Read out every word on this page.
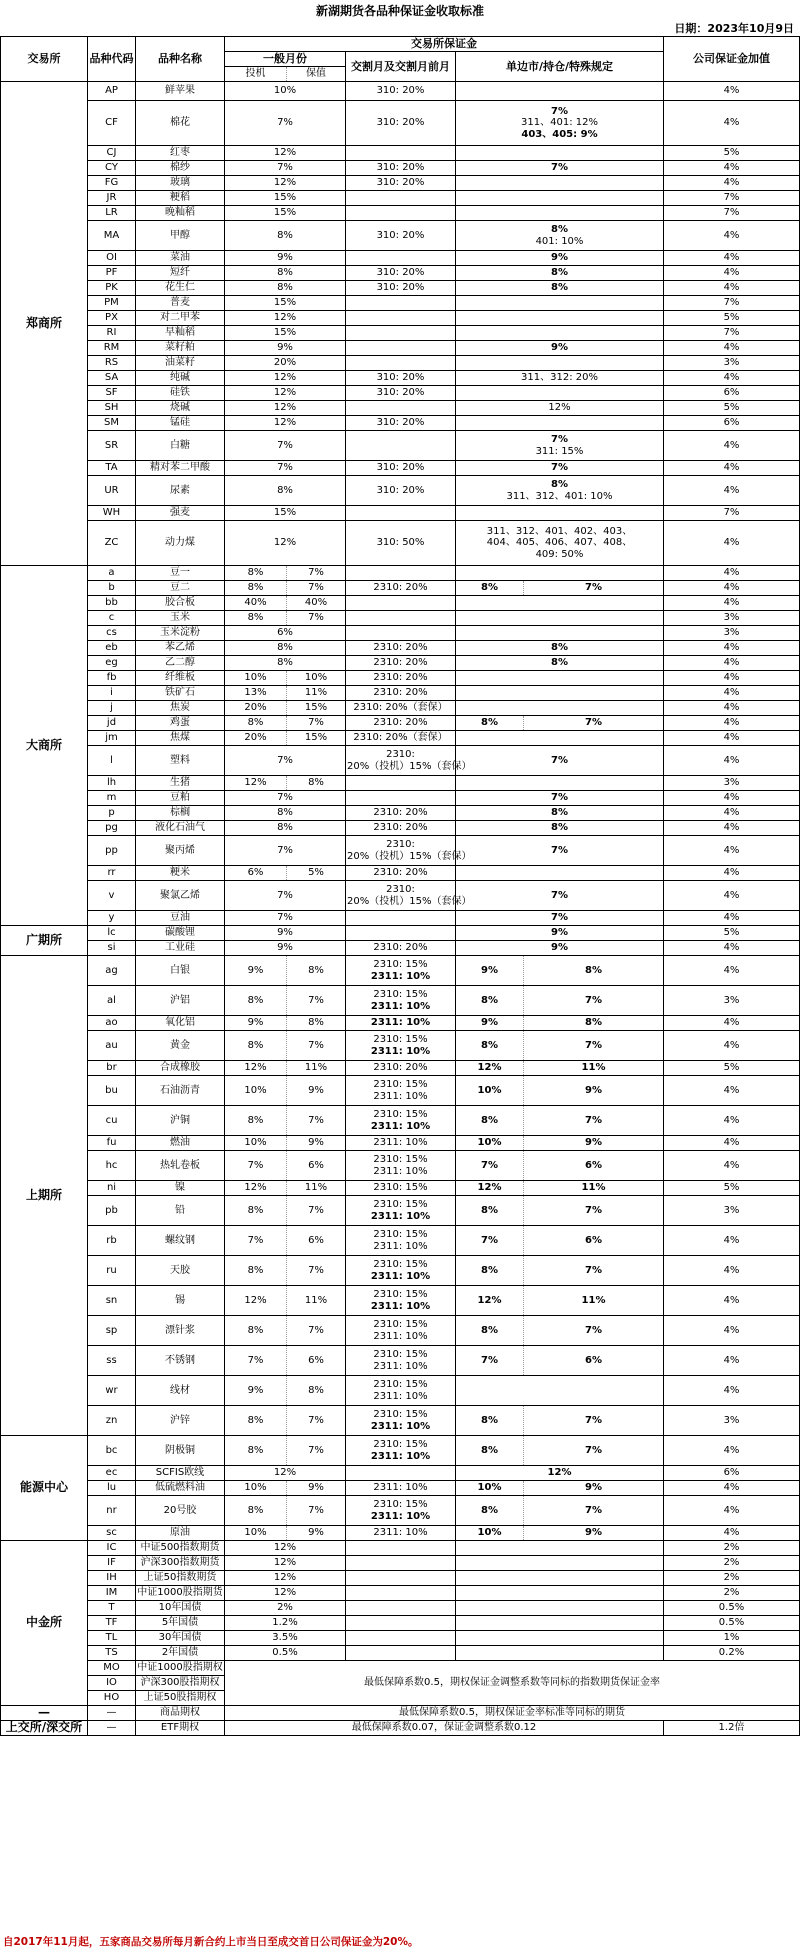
新湖期货各品种保证金收取标准
日期：2023年10月9日
交易所	品种代码	品种名称	交易所保证金					公司保证金加值	
			一般月份		交割月及交割月前月	单边市/持仓/特殊规定			
			投机	保值					
郑商所	AP	鲜苹果	10%		310: 20%			4%	
	CF	棉花	7%		310: 20%	7%
311、401: 12%
403、405: 9%		4%	
	CJ	红枣	12%					5%	
	CY	棉纱	7%		310: 20%	7%		4%	
	FG	玻璃	12%		310: 20%			4%	
	JR	粳稻	15%					7%	
	LR	晚籼稻	15%					7%	
	MA	甲醇	8%		310: 20%	8%
401: 10%		4%	
	OI	菜油	9%			9%		4%	
	PF	短纤	8%		310: 20%	8%		4%	
	PK	花生仁	8%		310: 20%	8%		4%	
	PM	普麦	15%					7%	
	PX	对二甲苯	12%					5%	
	RI	早籼稻	15%					7%	
	RM	菜籽粕	9%			9%		4%	
	RS	油菜籽	20%					3%	
	SA	纯碱	12%		310: 20%	311、312: 20%		4%	
	SF	硅铁	12%		310: 20%			6%	
	SH	烧碱	12%			12%		5%	
	SM	锰硅	12%		310: 20%			6%	
	SR	白糖	7%			7%
311: 15%		4%	
	TA	精对苯二甲酸	7%		310: 20%	7%		4%	
	UR	尿素	8%		310: 20%	8%
311、312、401: 10%		4%	
	WH	强麦	15%					7%	
	ZC	动力煤	12%		310: 50%	311、312、401、402、403、
404、405、406、407、408、
409: 50%		4%	
大商所	a	豆一	8%	7%				4%	
	b	豆二	8%	7%	2310: 20%	8%	7%	4%	
	bb	胶合板	40%	40%				4%	
	c	玉米	8%	7%				3%	
	cs	玉米淀粉	6%					3%	
	eb	苯乙烯	8%		2310: 20%	8%		4%	
	eg	乙二醇	8%		2310: 20%	8%		4%	
	fb	纤维板	10%	10%	2310: 20%			4%	
	i	铁矿石	13%	11%	2310: 20%			4%	
	j	焦炭	20%	15%	2310: 20%（套保）			4%	
	jd	鸡蛋	8%	7%	2310: 20%	8%	7%	4%	
	jm	焦煤	20%	15%	2310: 20%（套保）			4%	
	l	塑料	7%		2310:
20%（投机）15%（套保）	7%		4%	
	lh	生猪	12%	8%				3%	
	m	豆粕	7%			7%		4%	
	p	棕榈	8%		2310: 20%	8%		4%	
	pg	液化石油气	8%		2310: 20%	8%		4%	
	pp	聚丙烯	7%		2310:
20%（投机）15%（套保）	7%		4%	
	rr	粳米	6%	5%	2310: 20%			4%	
	v	聚氯乙烯	7%		2310:
20%（投机）15%（套保）	7%		4%	
	y	豆油	7%			7%		4%	
广期所	lc	碳酸锂	9%			9%		5%	
	si	工业硅	9%		2310: 20%	9%		4%	
上期所	ag	白银	9%	8%	2310: 15%
2311: 10%	9%	8%	4%	
	al	沪铝	8%	7%	2310: 15%
2311: 10%	8%	7%	3%	
	ao	氧化铝	9%	8%	2311: 10%	9%	8%	4%	
	au	黄金	8%	7%	2310: 15%
2311: 10%	8%	7%	4%	
	br	合成橡胶	12%	11%	2310: 20%	12%	11%	5%	
	bu	石油沥青	10%	9%	2310: 15%
2311: 10%	10%	9%	4%	
	cu	沪铜	8%	7%	2310: 15%
2311: 10%	8%	7%	4%	
	fu	燃油	10%	9%	2311: 10%	10%	9%	4%	
	hc	热轧卷板	7%	6%	2310: 15%
2311: 10%	7%	6%	4%	
	ni	镍	12%	11%	2310: 15%	12%	11%	5%	
	pb	铅	8%	7%	2310: 15%
2311: 10%	8%	7%	3%	
	rb	螺纹钢	7%	6%	2310: 15%
2311: 10%	7%	6%	4%	
	ru	天胶	8%	7%	2310: 15%
2311: 10%	8%	7%	4%	
	sn	锡	12%	11%	2310: 15%
2311: 10%	12%	11%	4%	
	sp	漂针浆	8%	7%	2310: 15%
2311: 10%	8%	7%	4%	
	ss	不锈钢	7%	6%	2310: 15%
2311: 10%	7%	6%	4%	
	wr	线材	9%	8%	2310: 15%
2311: 10%			4%	
	zn	沪锌	8%	7%	2310: 15%
2311: 10%	8%	7%	3%	
能源中心	bc	阴极铜	8%	7%	2310: 15%
2311: 10%	8%	7%	4%	
	ec	SCFIS欧线	12%			12%		6%	
	lu	低硫燃料油	10%	9%	2311: 10%	10%	9%	4%	
	nr	20号胶	8%	7%	2310: 15%
2311: 10%	8%	7%	4%	
	sc	原油	10%	9%	2311: 10%	10%	9%	4%	
中金所	IC	中证500指数期货	12%					2%	
	IF	沪深300指数期货	12%					2%	
	IH	上证50指数期货	12%					2%	
	IM	中证1000股指期货	12%					2%	
	T	10年国债	2%					0.5%	
	TF	5年国债	1.2%					0.5%	
	TL	30年国债	3.5%					1%	
	TS	2年国债	0.5%					0.2%	
	MO	中证1000股指期权	最低保障系数0.5，期权保证金调整系数等同标的指数期货保证金率						
	IO	沪深300股指期权							
	HO	上证50股指期权							
—	—	商品期权	最低保障系数0.5，期权保证金率标准等同标的期货						
上交所/深交所	—	ETF期权	最低保障系数0.07，保证金调整系数0.12					1.2倍	
自2017年11月起，五家商品交易所每月新合约上市当日至成交首日公司保证金为20%。
